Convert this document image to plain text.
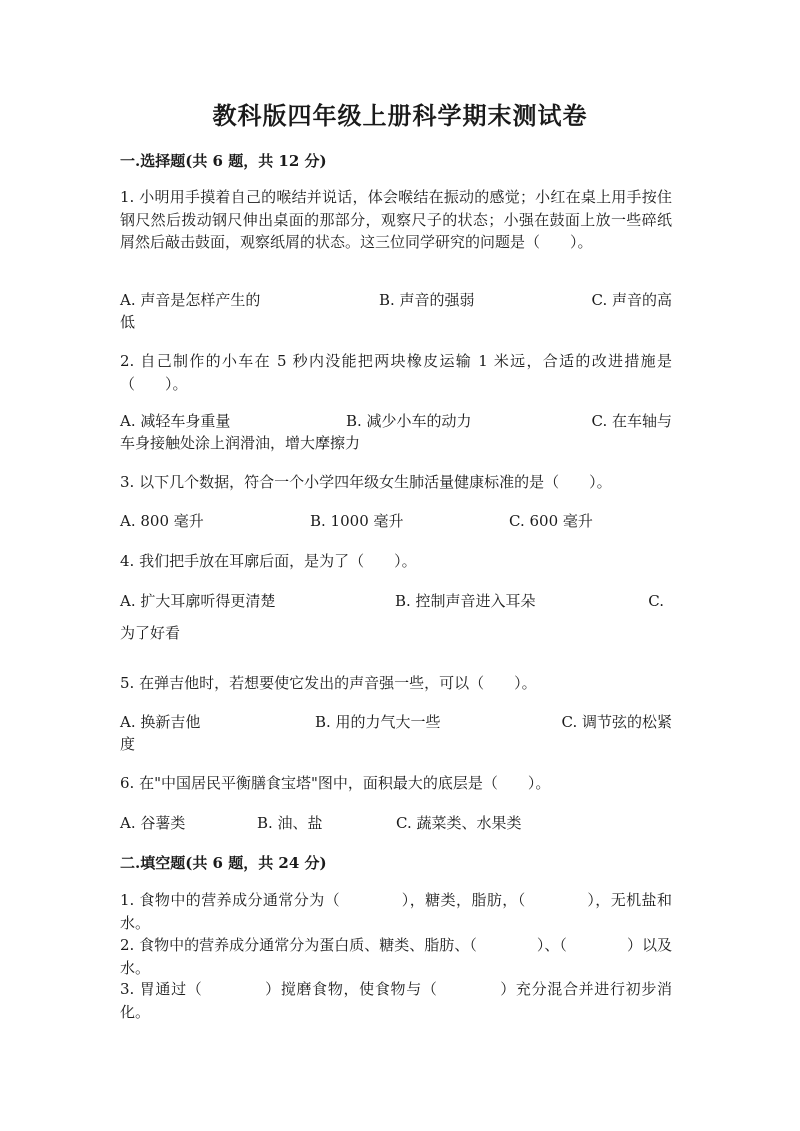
教科版四年级上册科学期末测试卷
一.选择题(共 6 题，共 12 分)

1. 小明用手摸着自己的喉结并说话，体会喉结在振动的感觉；小红在桌上用手按住钢尺然后拨动钢尺伸出桌面的那部分，观察尺子的状态；小强在鼓面上放一些碎纸屑然后敲击鼓面，观察纸屑的状态。这三位同学研究的问题是（　　）。

A. 声音是怎样产生的	B. 声音的强弱	C. 声音的高
低

2. 自己制作的小车在 5 秒内没能把两块橡皮运输 1 米远，合适的改进措施是（　　）。

A. 减轻车身重量	B. 减少小车的动力	C. 在车轴与
车身接触处涂上润滑油，增大摩擦力

3. 以下几个数据，符合一个小学四年级女生肺活量健康标准的是（　　）。

A. 800 毫升	B. 1000 毫升	C. 600 毫升

4. 我们把手放在耳廓后面，是为了（　　）。

A. 扩大耳廓听得更清楚	B. 控制声音进入耳朵	C.
为了好看

5. 在弹吉他时，若想要使它发出的声音强一些，可以（　　）。

A. 换新吉他	B. 用的力气大一些	C. 调节弦的松紧
度

6. 在"中国居民平衡膳食宝塔"图中，面积最大的底层是（　　）。

A. 谷薯类	B. 油、盐	C. 蔬菜类、水果类
二.填空题(共 6 题，共 24 分)

1. 食物中的营养成分通常分为（　　　　），糖类，脂肪，（　　　　），无机盐和水。

2. 食物中的营养成分通常分为蛋白质、糖类、脂肪、（　　　　）、（　　　　）以及水。

3. 胃通过（　　　　）搅磨食物，使食物与（　　　　）充分混合并进行初步消化。
